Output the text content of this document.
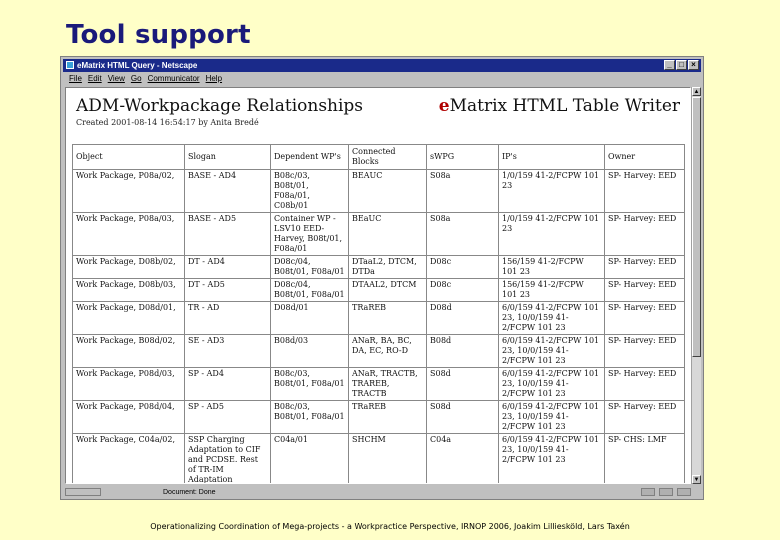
Tool support
eMatrix HTML Query - Netscape	_ □ ×
File Edit View Go Communicator Help
ADM-Workpackage Relationships	eMatrix HTML Table Writer
Created 2001-08-14 16:54:17 by Anita Bredé
Object	Slogan	Dependent WP's	Connected Blocks	sWPG	IP's	Owner
Work Package, P08a/02,	BASE - AD4	B08c/03, B08t/01, F08a/01, C08b/01	BEAUC	S08a	1/0/159 41-2/FCPW 101 23	SP- Harvey: EED
Work Package, P08a/03,	BASE - AD5	Container WP - LSV10 EED-Harvey, B08t/01, F08a/01	BEaUC	S08a	1/0/159 41-2/FCPW 101 23	SP- Harvey: EED
Work Package, D08b/02,	DT - AD4	D08c/04, B08t/01, F08a/01	DTaaL2, DTCM, DTDa	D08c	156/159 41-2/FCPW 101 23	SP- Harvey: EED
Work Package, D08b/03,	DT - AD5	D08c/04, B08t/01, F08a/01	DTAAL2, DTCM	D08c	156/159 41-2/FCPW 101 23	SP- Harvey: EED
Work Package, D08d/01,	TR - AD	D08d/01	TRaREB	D08d	6/0/159 41-2/FCPW 101 23, 10/0/159 41-2/FCPW 101 23	SP- Harvey: EED
Work Package, B08d/02,	SE - AD3	B08d/03	ANaR, BA, BC, DA, EC, RO-D	B08d	6/0/159 41-2/FCPW 101 23, 10/0/159 41-2/FCPW 101 23	SP- Harvey: EED
Work Package, P08d/03,	SP - AD4	B08c/03, B08t/01, F08a/01	ANaR, TRACTB, TRAREB, TRACTB	S08d	6/0/159 41-2/FCPW 101 23, 10/0/159 41-2/FCPW 101 23	SP- Harvey: EED
Work Package, P08d/04,	SP - AD5	B08c/03, B08t/01, F08a/01	TRaREB	S08d	6/0/159 41-2/FCPW 101 23, 10/0/159 41-2/FCPW 101 23	SP- Harvey: EED
Work Package, C04a/02,	SSP Charging Adaptation to CIF and PCDSE. Rest of TR-IM Adaptation	C04a/01	SHCHM	C04a	6/0/159 41-2/FCPW 101 23, 10/0/159 41-2/FCPW 101 23	SP- CHS: LMF
▲
▼
Document: Done
Operationalizing Coordination of Mega-projects - a Workpractice Perspective, IRNOP 2006, Joakim Lilliesköld, Lars Taxén
